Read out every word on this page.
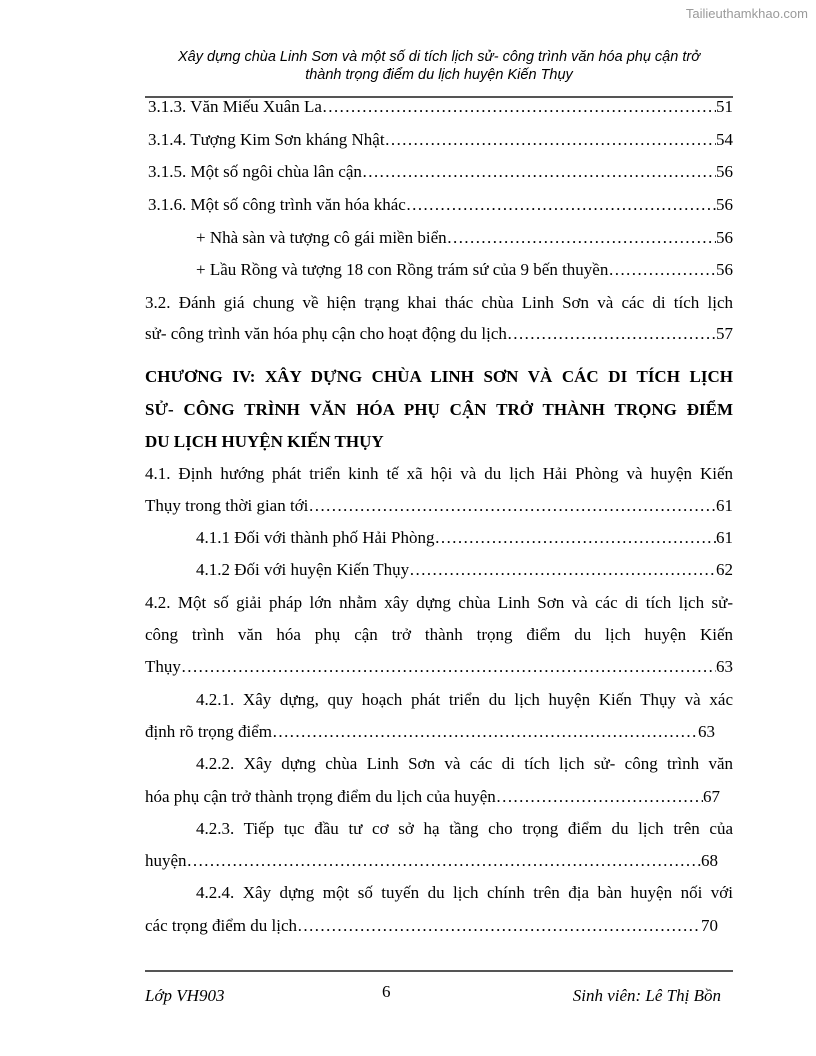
Tailieuthamkhao.com
Xây dựng chùa Linh Sơn và một số di tích lịch sử- công trình văn hóa phụ cận trở
thành trọng điểm du lịch huyện Kiến Thụy
3.1.3. Văn Miếu Xuân La ……………………………………………………………………………………………………………………………………	51
3.1.4. Tượng Kim Sơn kháng Nhật ……………………………………………………………………………………………………………………………………	54
3.1.5. Một số ngôi chùa lân cận ……………………………………………………………………………………………………………………………………	56
3.1.6. Một số công trình văn hóa khác ……………………………………………………………………………………………………………………………………	56
+ Nhà sàn và tượng cô gái miền biển ……………………………………………………………………………………………………………………………………	56
+ Lầu Rồng và tượng 18 con Rồng trám sứ của 9 bến thuyền ……………………………………………………………………………………………………………………………………	56
3.2. Đánh giá chung về hiện trạng khai thác chùa Linh Sơn và các di tích lịch
sử- công trình văn hóa phụ cận cho hoạt động du lịch ……………………………………………………………………………………………………………………………………	57
CHƯƠNG IV: XÂY DỰNG CHÙA LINH SƠN VÀ CÁC DI TÍCH LỊCH
SỬ- CÔNG TRÌNH VĂN HÓA PHỤ CẬN TRỞ THÀNH TRỌNG ĐIỂM
DU LỊCH HUYỆN KIẾN THỤY
4.1. Định hướng phát triển kinh tế xã hội và du lịch Hải Phòng và huyện Kiến
Thụy trong thời gian tới ……………………………………………………………………………………………………………………………………	61
4.1.1 Đối với thành phố Hải Phòng ……………………………………………………………………………………………………………………………………	61
4.1.2 Đối với huyện Kiến Thụy ……………………………………………………………………………………………………………………………………	62
4.2. Một số giải pháp lớn nhằm xây dựng chùa Linh Sơn và các di tích lịch sử-
công trình văn hóa phụ cận trở thành trọng điểm du lịch huyện Kiến
Thụy ……………………………………………………………………………………………………………………………………	63
4.2.1. Xây dựng, quy hoạch phát triển du lịch huyện Kiến Thụy và xác
định rõ trọng điểm ……………………………………………………………………………………………………………………………………	63
4.2.2. Xây dựng chùa Linh Sơn và các di tích lịch sử- công trình văn
hóa phụ cận trở thành trọng điểm du lịch của huyện ……………………………………………………………………………………………………………………………………	67
4.2.3. Tiếp tục đầu tư cơ sở hạ tầng cho trọng điểm du lịch trên của
huyện ……………………………………………………………………………………………………………………………………	68
4.2.4. Xây dựng một số tuyến du lịch chính trên địa bàn huyện nối với
các trọng điểm du lịch ……………………………………………………………………………………………………………………………………	70
Lớp VH903	6	Sinh viên: Lê Thị Bồn
